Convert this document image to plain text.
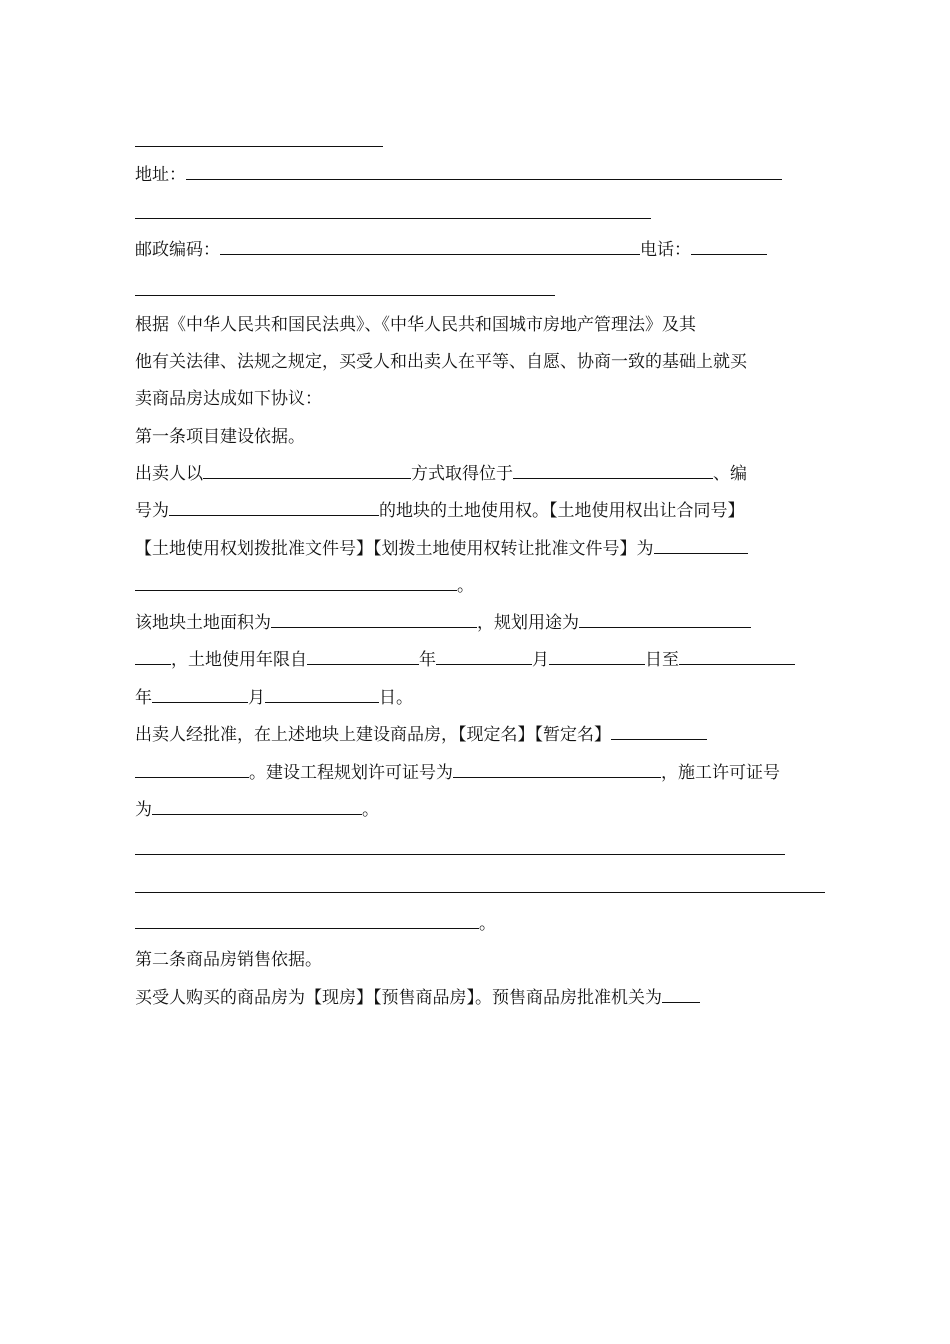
地址：
邮政编码：	电话：
根据《中华人民共和国民法典》、《中华人民共和国城市房地产管理法》及其
他有关法律、法规之规定，买受人和出卖人在平等、自愿、协商一致的基础上就买
卖商品房达成如下协议：
第一条项目建设依据。
出卖人以	方式取得位于	、编
号为	的地块的土地使用权。【土地使用权出让合同号】
【土地使用权划拨批准文件号】【划拨土地使用权转让批准文件号】为
。
该地块土地面积为	，规划用途为
，土地使用年限自	年	月	日至
年	月	日。
出卖人经批准，在上述地块上建设商品房，【现定名】【暂定名】
。建设工程规划许可证号为	，施工许可证号
为	。
。
第二条商品房销售依据。
买受人购买的商品房为【现房】【预售商品房】。预售商品房批准机关为
